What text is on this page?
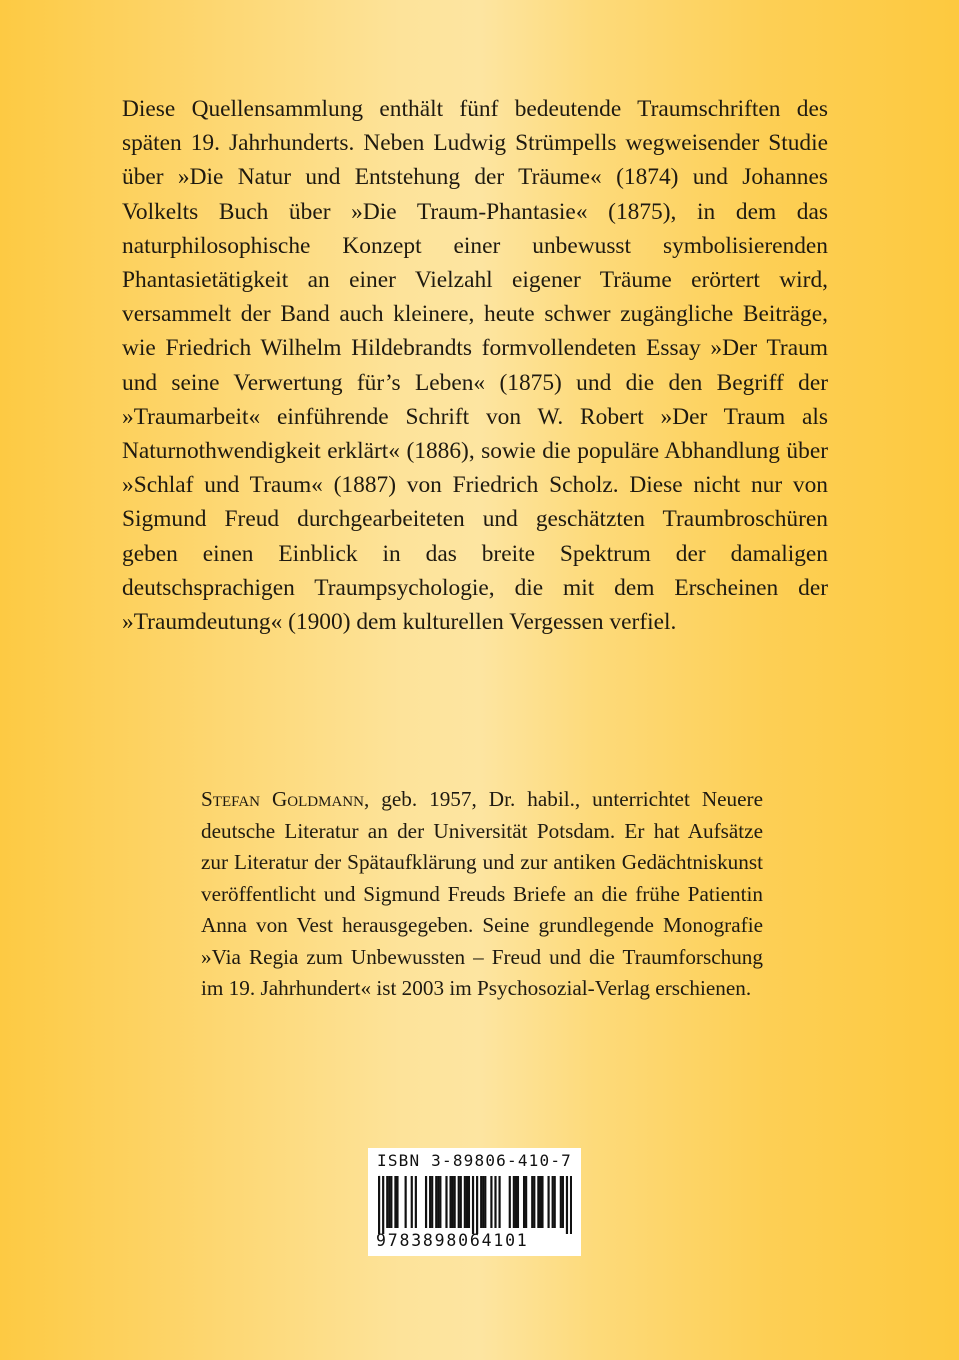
Diese Quellensammlung enthält fünf bedeutende Traumschriften des späten 19. Jahrhunderts. Neben Ludwig Strümpells wegweisender Studie über »Die Natur und Entstehung der Träume« (1874) und Johannes Volkelts Buch über »Die Traum-Phantasie« (1875), in dem das naturphilosophische Konzept einer unbewusst symbolisierenden Phantasietätigkeit an einer Vielzahl eigener Träume erörtert wird, versammelt der Band auch kleinere, heute schwer zugängliche Beiträge, wie Friedrich Wilhelm Hildebrandts formvollendeten Essay »Der Traum und seine Verwertung für’s Leben« (1875) und die den Begriff der »Traumarbeit« einführende Schrift von W. Robert »Der Traum als Naturnothwendigkeit erklärt« (1886), sowie die populäre Abhandlung über »Schlaf und Traum« (1887) von Friedrich Scholz. Diese nicht nur von Sigmund Freud durchgearbeiteten und geschätzten Traumbroschüren geben einen Einblick in das breite Spektrum der damaligen deutschsprachigen Traumpsychologie, die mit dem Erscheinen der »Traumdeutung« (1900) dem kulturellen Vergessen verfiel.

Stefan Goldmann, geb. 1957, Dr. habil., unterrichtet Neuere deutsche Literatur an der Universität Potsdam. Er hat Aufsätze zur Literatur der Spätaufklärung und zur antiken Gedächtniskunst veröffentlicht und Sigmund Freuds Briefe an die frühe Patientin Anna von Vest herausgegeben. Seine grundlegende Monografie »Via Regia zum Unbewussten – Freud und die Traumforschung im 19. Jahrhundert« ist 2003 im Psychosozial-Verlag erschienen.

ISBN 3-89806-410-7
9783898064101
